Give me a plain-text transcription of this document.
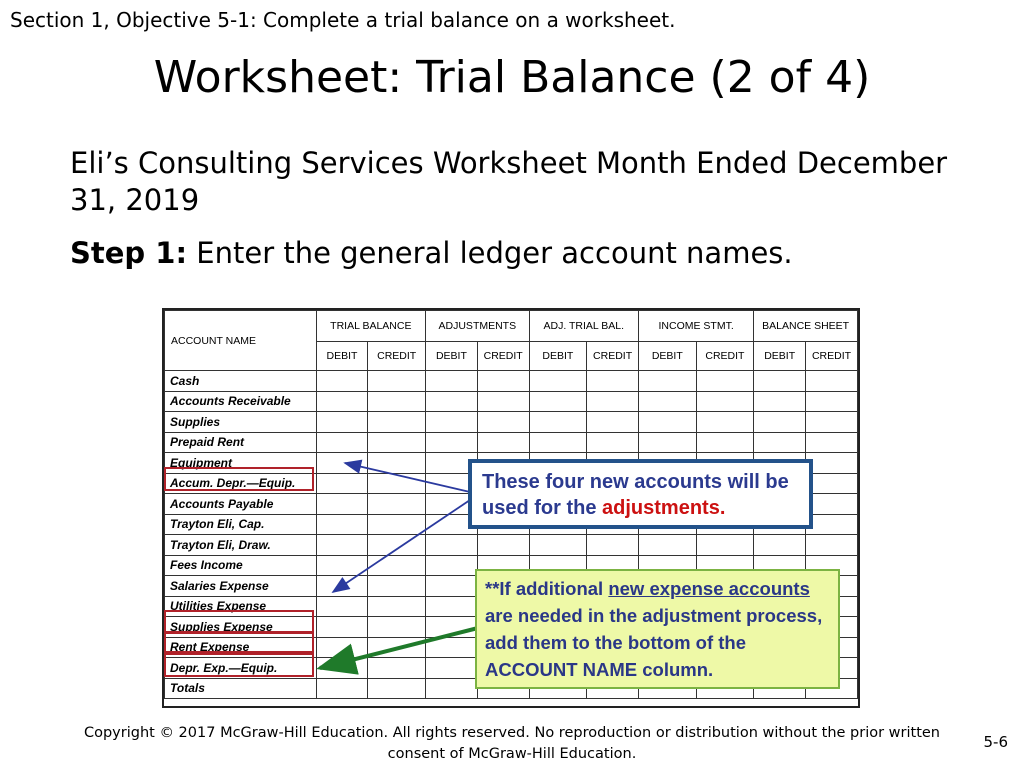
Section 1, Objective 5-1: Complete a trial balance on a worksheet.
Worksheet: Trial Balance (2 of 4)
Eli’s Consulting Services Worksheet Month Ended December 31, 2019
Step 1: Enter the general ledger account names.
ACCOUNT NAME	TRIAL BALANCE		ADJUSTMENTS		ADJ. TRIAL BAL.		INCOME STMT.		BALANCE SHEET	
	DEBIT	CREDIT	DEBIT	CREDIT	DEBIT	CREDIT	DEBIT	CREDIT	DEBIT	CREDIT
Cash										
Accounts Receivable										
Supplies										
Prepaid Rent										
Equipment										
Accum. Depr.—Equip.										
Accounts Payable										
Trayton Eli, Cap.										
Trayton Eli, Draw.										
Fees Income										
Salaries Expense										
Utilities Expense										
Supplies Expense										
Rent Expense										
Depr. Exp.—Equip.										
Totals										
These four new accounts will be used for the adjustments.
**If additional new expense accounts are needed in the adjustment process, add them to the bottom of the ACCOUNT NAME column.
Copyright © 2017 McGraw-Hill Education. All rights reserved. No reproduction or distribution without the prior written consent of McGraw-Hill Education.
5-6
